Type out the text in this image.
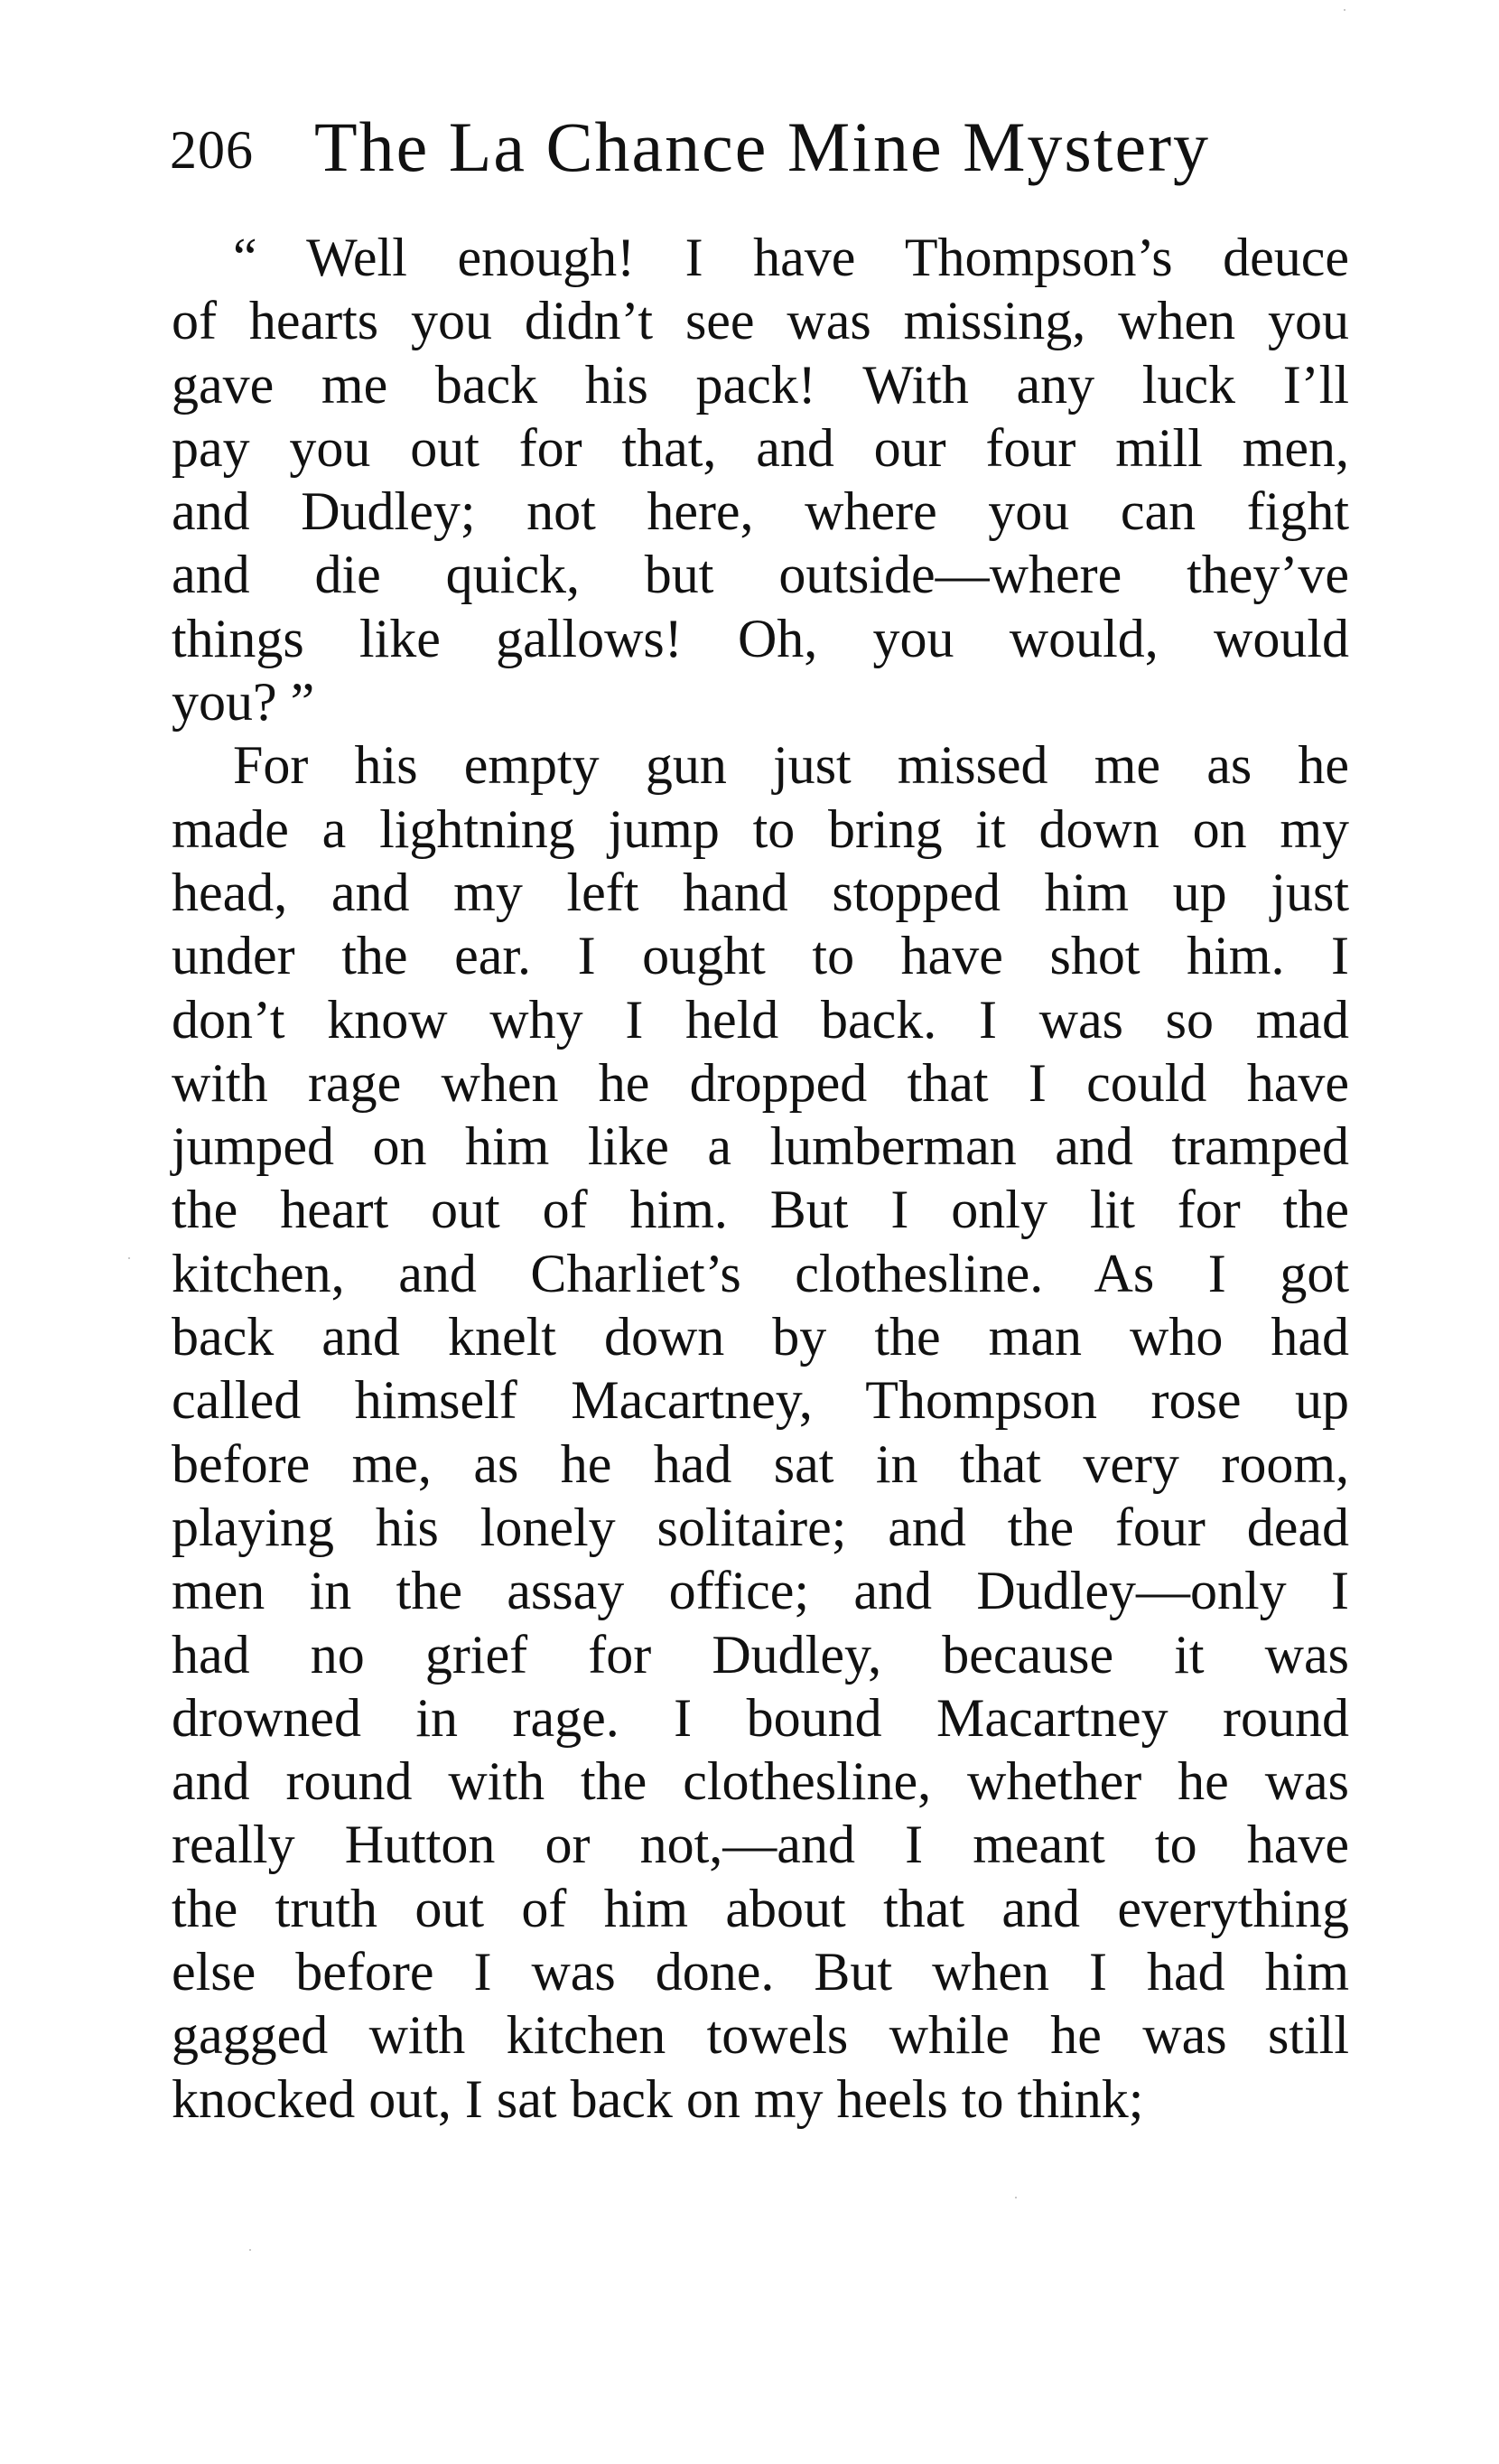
206 The La Chance Mine Mystery
“ Well enough! I have Thompson’s deuce
of hearts you didn’t see was missing, when you
gave me back his pack! With any luck I’ll
pay you out for that, and our four mill men,
and Dudley; not here, where you can fight
and die quick, but outside—where they’ve
things like gallows! Oh, you would, would
you? ”
For his empty gun just missed me as he
made a lightning jump to bring it down on my
head, and my left hand stopped him up just
under the ear. I ought to have shot him. I
don’t know why I held back. I was so mad
with rage when he dropped that I could have
jumped on him like a lumberman and tramped
the heart out of him. But I only lit for the
kitchen, and Charliet’s clothesline. As I got
back and knelt down by the man who had
called himself Macartney, Thompson rose up
before me, as he had sat in that very room,
playing his lonely solitaire; and the four dead
men in the assay office; and Dudley—only I
had no grief for Dudley, because it was
drowned in rage. I bound Macartney round
and round with the clothesline, whether he was
really Hutton or not,—and I meant to have
the truth out of him about that and everything
else before I was done. But when I had him
gagged with kitchen towels while he was still
knocked out, I sat back on my heels to think;
